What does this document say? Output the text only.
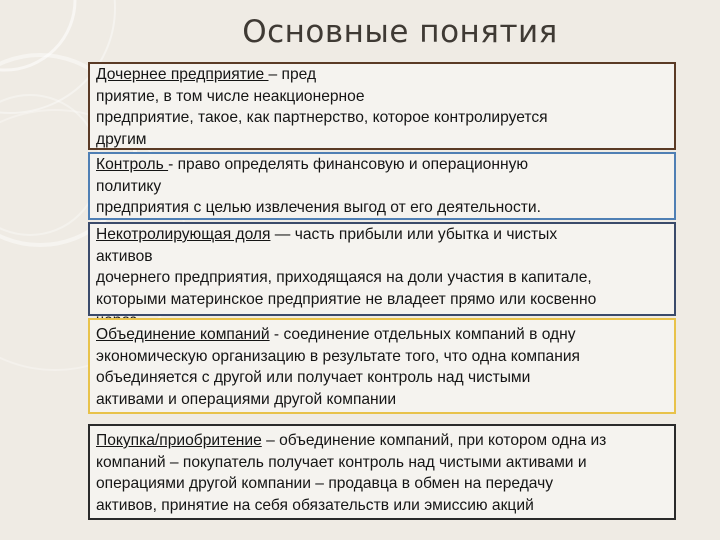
Основные понятия

Дочернее предприятие – пред

приятие, в том числе неакционерное

предприятие, такое, как партнерство, которое контролируется

другим

Контроль - право определять финансовую и операционную

политику

предприятия с целью извлечения выгод от его деятельности.

Некотролирующая доля — часть прибыли или убытка и чистых

активов

дочернего предприятия, приходящаяся на доли участия в капитале,

которыми материнское предприятие не владеет прямо или косвенно

Объединение компаний - соединение отдельных компаний в одну

экономическую организацию в результате того, что одна компания

объединяется с другой или получает контроль над чистыми

активами и операциями другой компании

Покупка/приобритение – объединение компаний, при котором одна из

компаний – покупатель получает контроль над чистыми активами и

операциями другой компании – продавца в обмен на передачу

активов, принятие на себя обязательств или эмиссию акций
